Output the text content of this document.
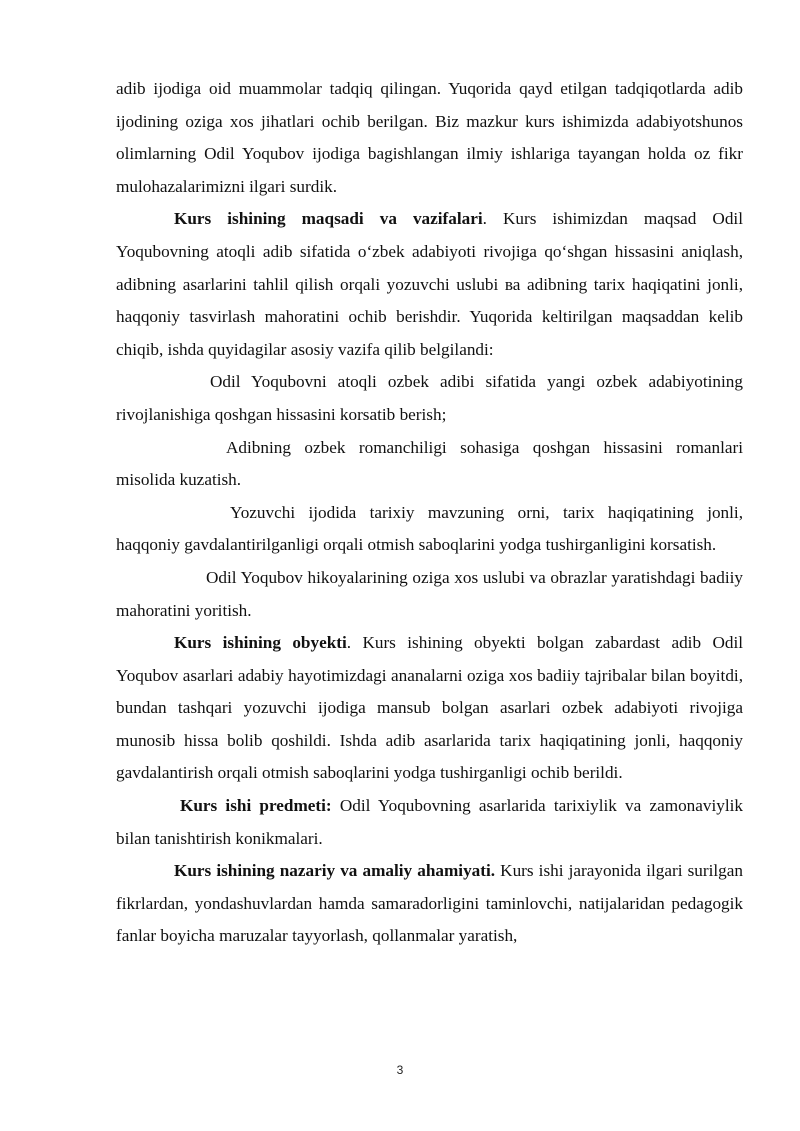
adib ijodiga oid muammolar tadqiq qilingan. Yuqorida qayd etilgan tadqiqotlarda adib ijodining oziga xos jihatlari ochib berilgan. Biz mazkur kurs ishimizda adabiyotshunos olimlarning Odil Yoqubov ijodiga bagishlangan ilmiy ishlariga tayangan holda oz fikr mulohazalarimizni ilgari surdik.

Kurs ishining maqsadi va vazifalari. Kurs ishimizdan maqsad Odil Yoqubovning atoqli adib sifatida o‘zbek adabiyoti rivojiga qo‘shgan hissasini aniqlash, adibning asarlarini tahlil qilish orqali yozuvchi uslubi ва adibning tarix haqiqatini jonli, haqqoniy tasvirlash mahoratini ochib berishdir. Yuqorida keltirilgan maqsaddan kelib chiqib, ishda quyidagilar asosiy vazifa qilib belgilandi:

Odil Yoqubovni atoqli ozbek adibi sifatida yangi ozbek adabiyotining rivojlanishiga qoshgan hissasini korsatib berish;

Adibning ozbek romanchiligi sohasiga qoshgan hissasini romanlari misolida kuzatish.

Yozuvchi ijodida tarixiy mavzuning orni, tarix haqiqatining jonli, haqqoniy gavdalantirilganligi orqali otmish saboqlarini yodga tushirganligini korsatish.

Odil Yoqubov hikoyalarining oziga xos uslubi va obrazlar yaratishdagi badiiy mahoratini yoritish.

Kurs ishining obyekti. Kurs ishining obyekti bolgan zabardast adib Odil Yoqubov asarlari adabiy hayotimizdagi ananalarni oziga xos badiiy tajribalar bilan boyitdi, bundan tashqari yozuvchi ijodiga mansub bolgan asarlari ozbek adabiyoti rivojiga munosib hissa bolib qoshildi. Ishda adib asarlarida tarix haqiqatining jonli, haqqoniy gavdalantirish orqali otmish saboqlarini yodga tushirganligi ochib berildi.

Kurs ishi predmeti: Odil Yoqubovning asarlarida tarixiylik va zamonaviylik bilan tanishtirish konikmalari.

Kurs ishining nazariy va amaliy ahamiyati. Kurs ishi jarayonida ilgari surilgan fikrlardan, yondashuvlardan hamda samaradorligini taminlovchi, natijalaridan pedagogik fanlar boyicha maruzalar tayyorlash, qollanmalar yaratish,

3
